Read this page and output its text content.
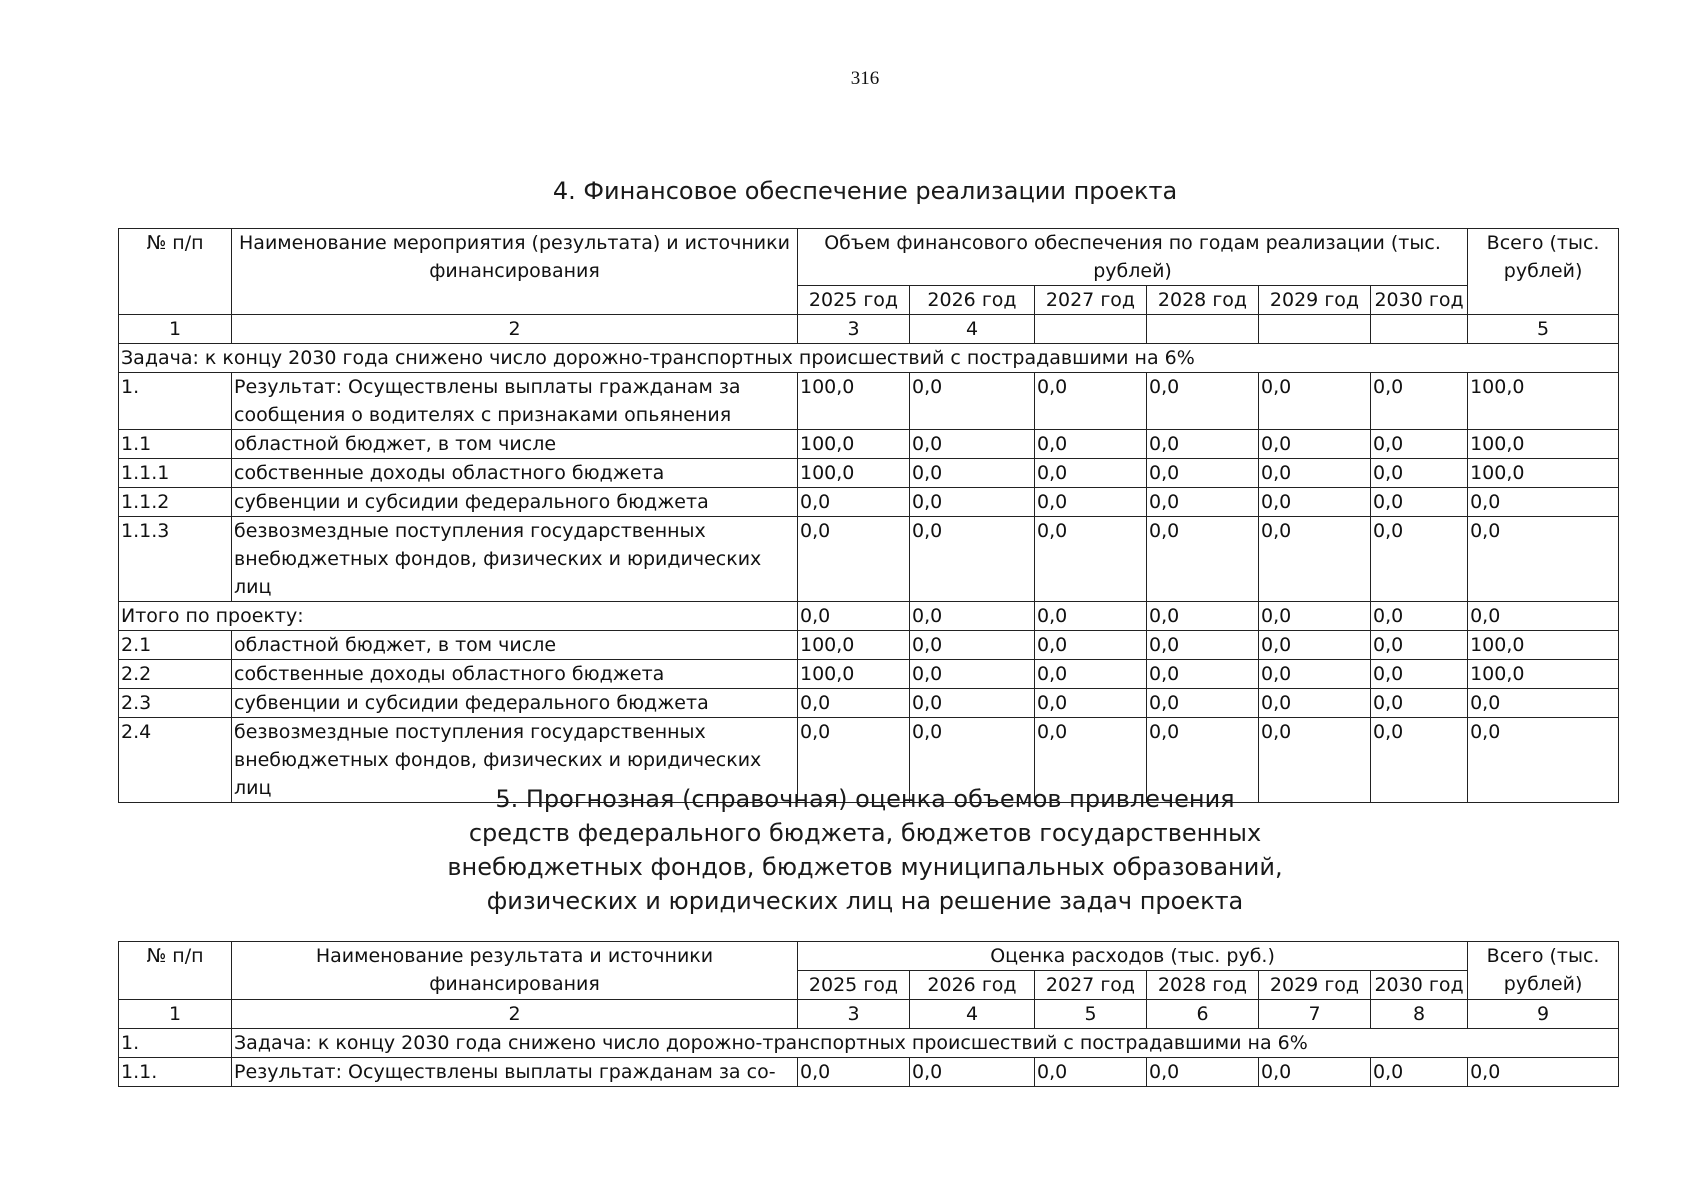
316
4. Финансовое обеспечение реализации проекта
№ п/п	Наименование мероприятия (результата) и источники финансирования	Объем финансового обеспечения по годам реализации (тыс. рублей)						Всего (тыс. рублей)
		2025 год	2026 год	2027 год	2028 год	2029 год	2030 год	
1	2	3	4					5
Задача: к концу 2030 года снижено число дорожно-транспортных происшествий с пострадавшими на 6%								
1.	Результат: Осуществлены выплаты гражданам за сообщения о водителях с признаками опьянения	100,0	0,0	0,0	0,0	0,0	0,0	100,0
1.1	областной бюджет, в том числе	100,0	0,0	0,0	0,0	0,0	0,0	100,0
1.1.1	собственные доходы областного бюджета	100,0	0,0	0,0	0,0	0,0	0,0	100,0
1.1.2	субвенции и субсидии федерального бюджета	0,0	0,0	0,0	0,0	0,0	0,0	0,0
1.1.3	безвозмездные поступления государственных внебюджетных фондов, физических и юридических лиц	0,0	0,0	0,0	0,0	0,0	0,0	0,0
Итого по проекту:		0,0	0,0	0,0	0,0	0,0	0,0	0,0
2.1	областной бюджет, в том числе	100,0	0,0	0,0	0,0	0,0	0,0	100,0
2.2	собственные доходы областного бюджета	100,0	0,0	0,0	0,0	0,0	0,0	100,0
2.3	субвенции и субсидии федерального бюджета	0,0	0,0	0,0	0,0	0,0	0,0	0,0
2.4	безвозмездные поступления государственных внебюджетных фондов, физических и юридических лиц	0,0	0,0	0,0	0,0	0,0	0,0	0,0
5. Прогнозная (справочная) оценка объемов привлечения
средств федерального бюджета, бюджетов государственных
внебюджетных фондов, бюджетов муниципальных образований,
физических и юридических лиц на решение задач проекта
№ п/п	Наименование результата и источники финансирования	Оценка расходов (тыс. руб.)						Всего (тыс. рублей)
		2025 год	2026 год	2027 год	2028 год	2029 год	2030 год	
1	2	3	4	5	6	7	8	9
1.	Задача: к концу 2030 года снижено число дорожно-транспортных происшествий с пострадавшими на 6%							
1.1.	Результат: Осуществлены выплаты гражданам за со-	0,0	0,0	0,0	0,0	0,0	0,0	0,0
